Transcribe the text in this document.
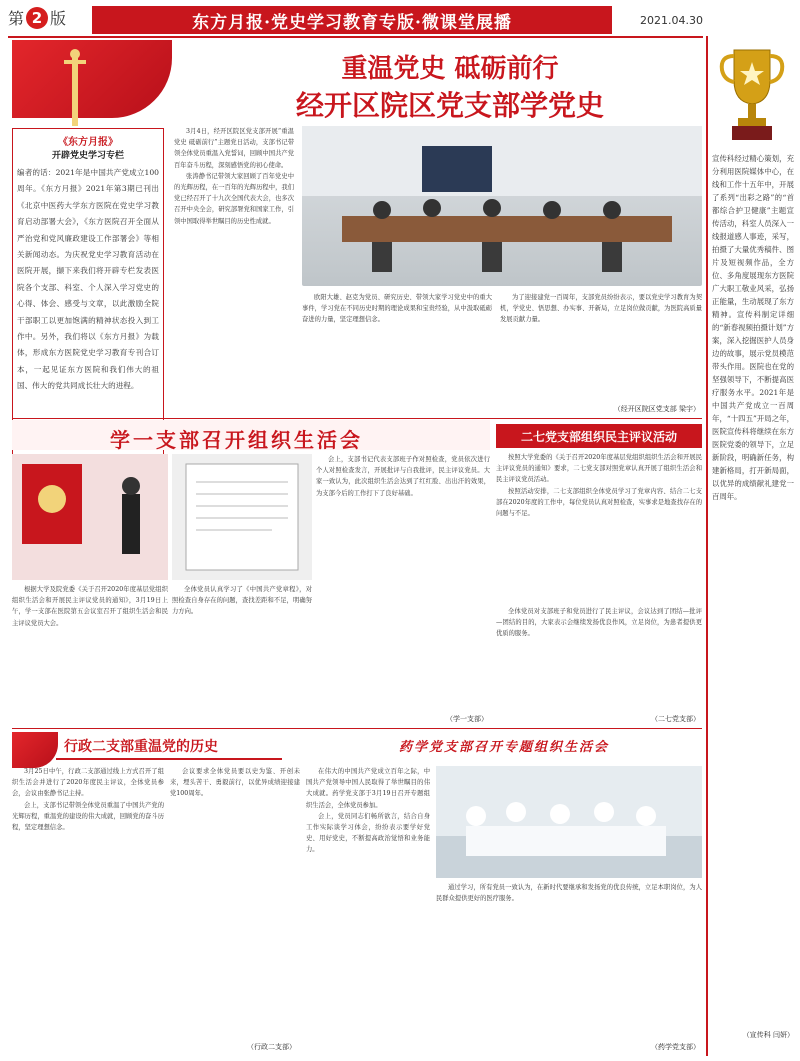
第 2 版	东方月报·党史学习教育专版·微课堂展播	2021.04.30
重温党史 砥砺前行
经开区院区党支部学党史
《东方月报》
开辟党史学习专栏
编者的话：2021年是中国共产党成立100周年。《东方月报》2021年第3期已刊出《北京中医药大学东方医院在党史学习教育启动部署大会》，《东方医院召开全面从严治党和党风廉政建设工作部署会》等相关新闻动态。为庆祝党史学习教育活动在医院开展，撷下来我们将开辟专栏发表医院各个支部、科室、个人深入学习党史的心得、体会、感受与文章，以此激励全院干部职工以更加饱满的精神状态投入到工作中。另外，我们将以《东方月报》为载体，形成东方医院党史学习教育专刊合订本，一起见证东方医院和我们伟大的祖国、伟大的党共同成长壮大的进程。

3月4日，经开区院区党支部开展“重温党史 砥砺前行”主题党日活动，支部书记带领全体党员重温入党誓词，回顾中国共产党百年奋斗历程，深刻感悟党的初心使命。

张涛静书记带领大家回顾了百年党史中的光辉历程，在一百年的光辉历程中，我们党已经召开了十九次全国代表大会，也多次召开中央全会，研究部署党和国家工作，引领中国取得举世瞩目的历史性成就。

欧阳大雄、赵克为党员、研究历史、带领大家学习党史中的重大事件，学习党在不同历史时期的理论成果和宝贵经验，从中汲取砥砺奋进的力量，坚定理想信念。

为了迎接建党一百周年，支部党员纷纷表示，要以党史学习教育为契机，学党史、悟思想、办实事、开新局，立足岗位做贡献，为医院高质量发展贡献力量。

（经开区院区党支部 梁宇）
学一支部召开组织生活会

根据大学及院党委《关于召开2020年度基层党组织组织生活会和开展民主评议党员的通知》，3月19日上午，学一支部在医院第五会议室召开了组织生活会和民主评议党员大会。

全体党员认真学习了《中国共产党章程》，对照检查自身存在的问题，查找差距和不足，明确努力方向。

会上，支部书记代表支部班子作对照检查，党员依次进行个人对照检查发言，开展批评与自我批评，民主评议党员。大家一致认为，此次组织生活会达到了红红脸、出出汗的效果，为支部今后的工作打下了良好基础。

（学一支部）
二七党支部组织民主评议活动

按照大学党委的《关于召开2020年度基层党组织组织生活会和开展民主评议党员的通知》要求，二七党支部对照党章认真开展了组织生活会和民主评议党员活动。

按照活动安排，二七支部组织全体党员学习了党章内容、结合二七支部在2020年度的工作中，每位党员认真对照检查，实事求是地查找存在的问题与不足。

全体党员对支部班子和党员进行了民主评议，会议达到了团结—批评—团结的目的，大家表示会继续发扬优良作风，立足岗位，为患者提供更优质的服务。

（二七党支部）
行政二支部重温党的历史

3月25日中午，行政二支部通过线上方式召开了组织生活会并进行了2020年度民主评议，全体党员参会，会议由张静书记主持。

会上，支部书记带领全体党员重温了中国共产党的光辉历程，重温党的建设的伟大成就，回顾党的奋斗历程，坚定理想信念。

会议要求全体党员要以史为鉴、开创未来，埋头苦干、勇毅前行，以优异成绩迎接建党100周年。

（行政二支部）
药学党支部召开专题组织生活会

在伟大的中国共产党成立百年之际，中国共产党领导中国人民取得了举世瞩目的伟大成就。药学党支部于3月19日召开专题组织生活会，全体党员参加。

会上，党员同志们畅所欲言，结合自身工作实际谈学习体会，纷纷表示要学好党史、用好党史，不断提高政治觉悟和业务能力。

通过学习，所有党员一致认为，在新时代要继承和发扬党的优良传统，立足本职岗位，为人民群众提供更好的医疗服务。

（药学党支部）
宣传科经过精心策划，充分利用医院媒体中心，在线和工作十五年中，开展了系列“出彩之路”的“首都综合护卫健康”主题宣传活动，科室人员深入一线报道感人事迹，采写，拍摄了大量优秀稿件、图片及短视频作品，全方位、多角度展现东方医院广大职工敬业风采，弘扬正能量，生动展现了东方精神。宣传科制定详细的“新春视频拍摄计划”方案，深入挖掘医护人员身边的故事，展示党员模范带头作用。医院也在党的坚强领导下，不断提高医疗服务水平。2021年是中国共产党成立一百周年，“十四五”开局之年，医院宣传科将继续在东方医院党委的领导下，立足新阶段，明确新任务，构建新格局，打开新局面，以优异的成绩献礼建党一百周年。
（宣传科 闫妍）
